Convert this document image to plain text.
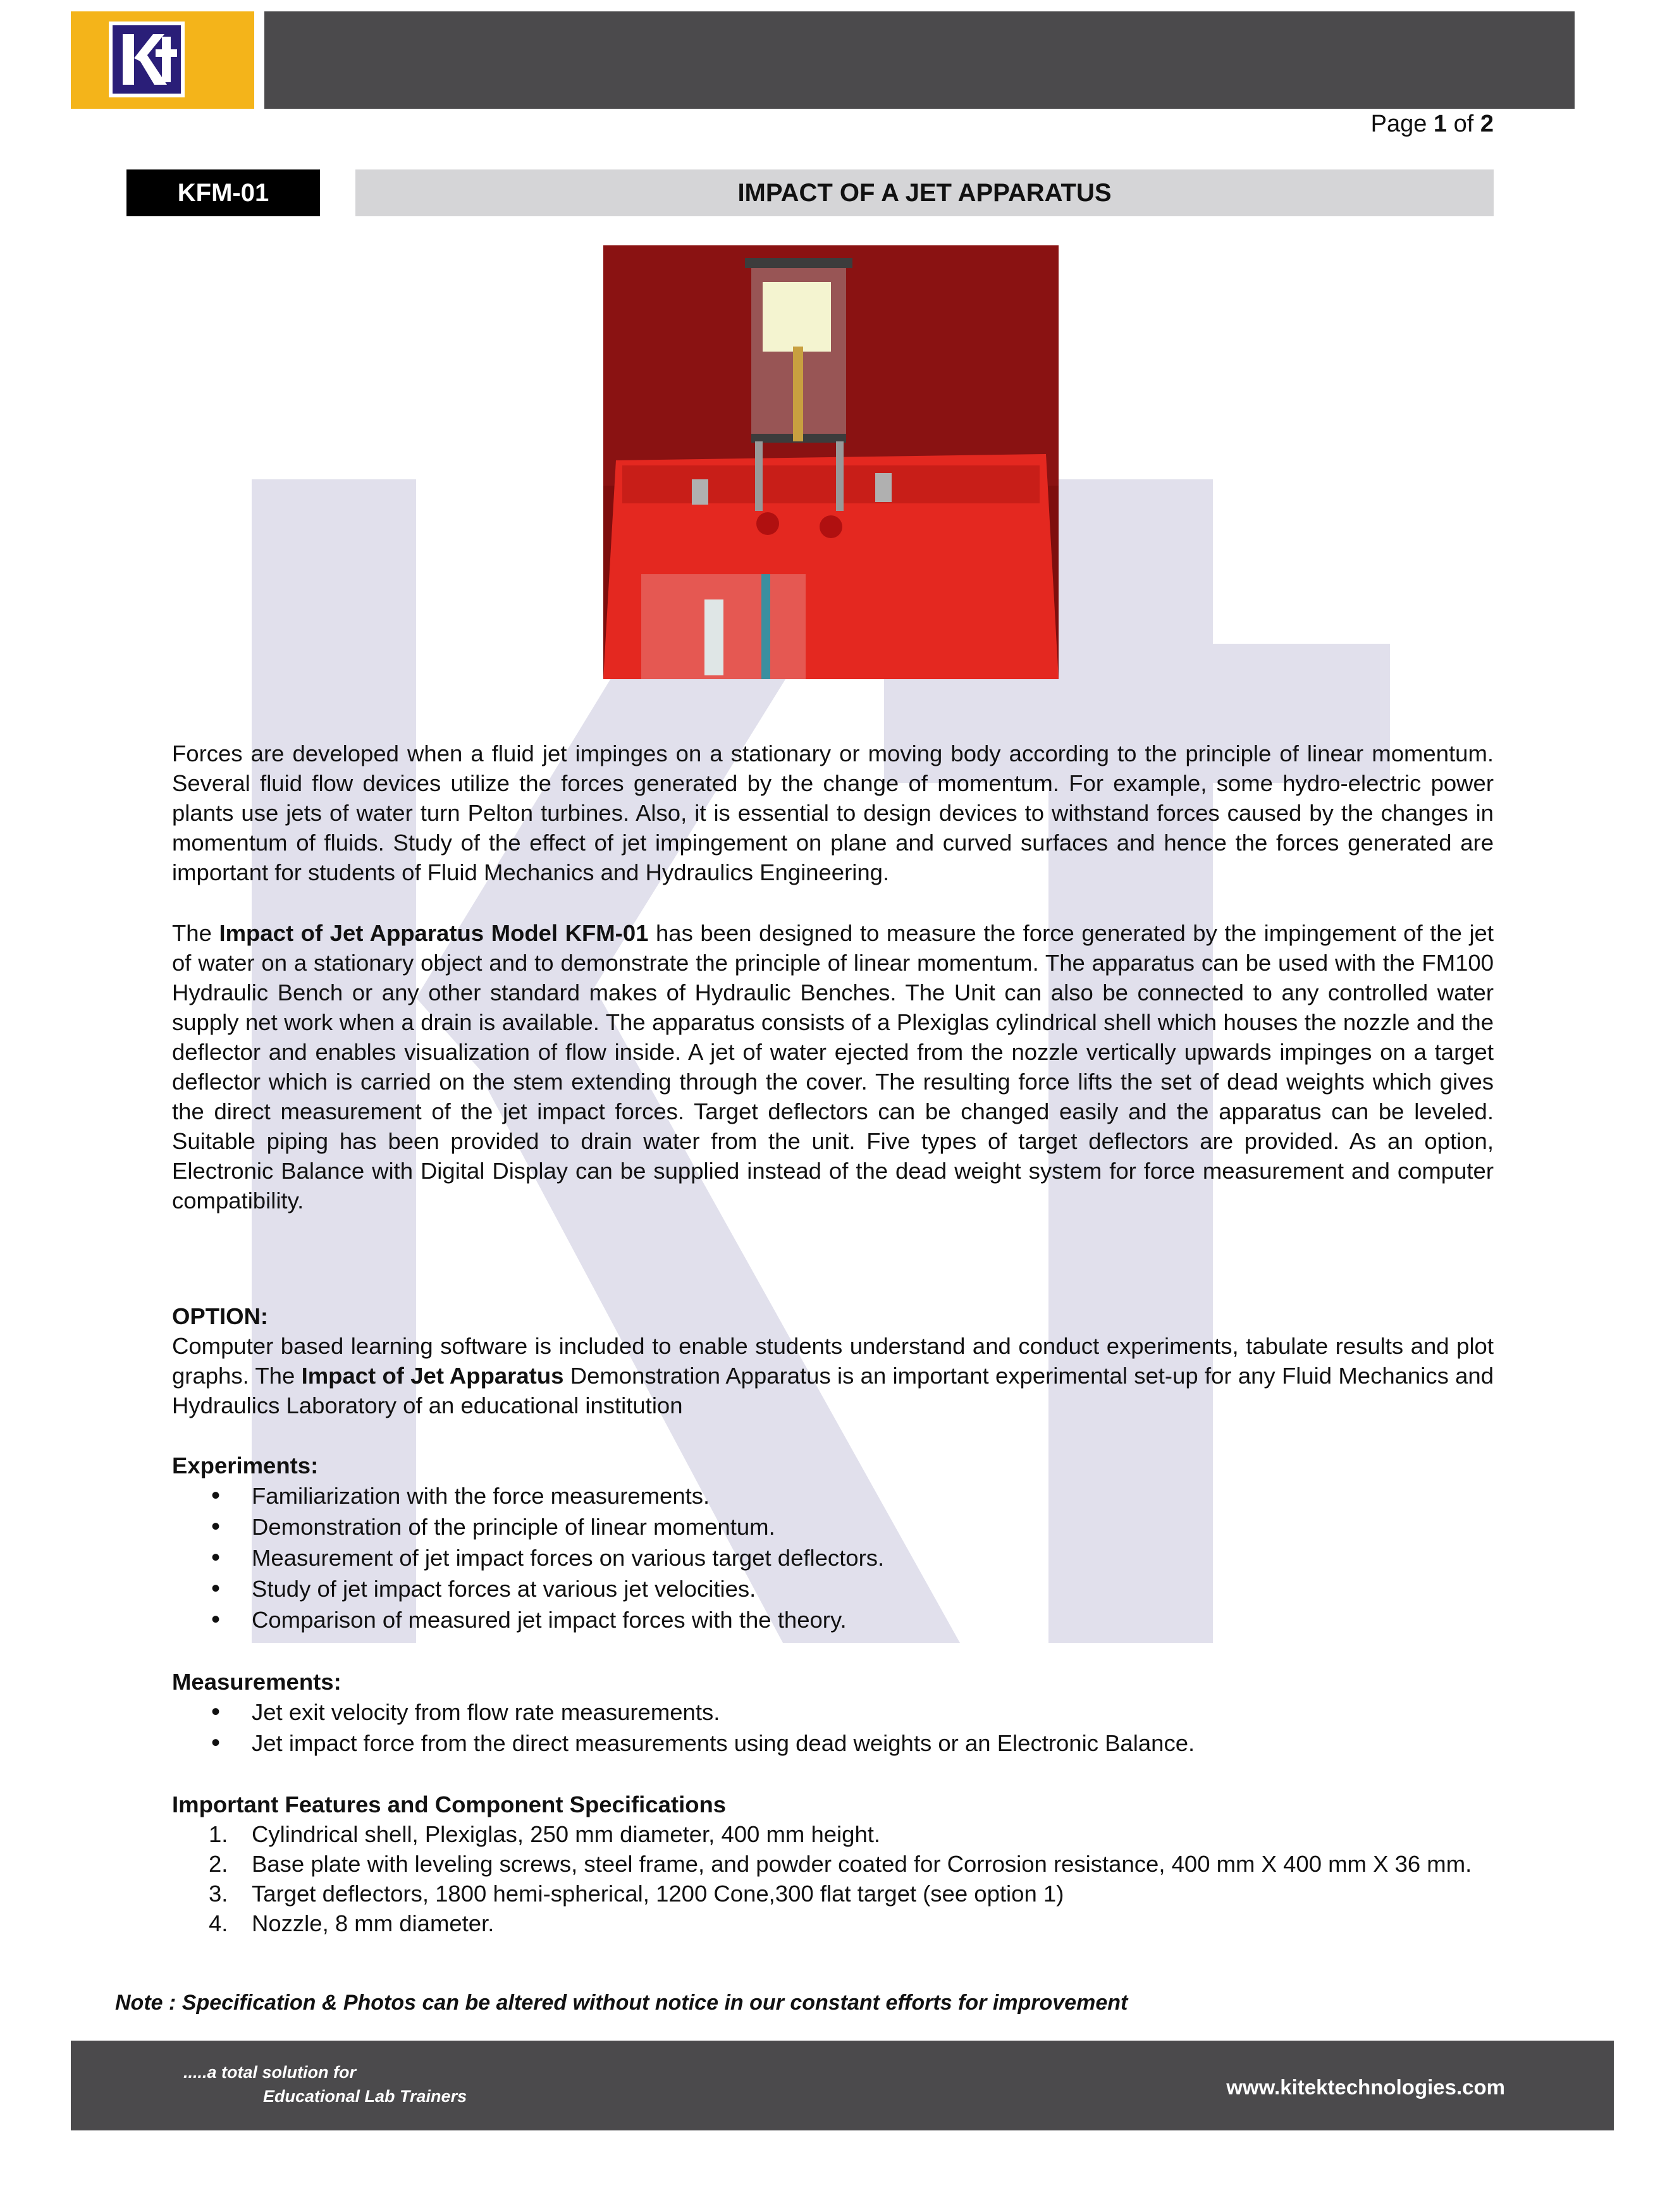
Page 1 of 2
KFM-01	IMPACT OF A JET APPARATUS
Forces are developed when a fluid jet impinges on a stationary or moving body according to the principle of linear momentum. Several fluid flow devices utilize the forces generated by the change of momentum. For example, some hydro-electric power plants use jets of water turn Pelton turbines. Also, it is essential to design devices to withstand forces caused by the changes in momentum of fluids. Study of the effect of jet impingement on plane and curved surfaces and hence the forces generated are important for students of Fluid Mechanics and Hydraulics Engineering.
The Impact of Jet Apparatus Model KFM-01 has been designed to measure the force generated by the impingement of the jet of water on a stationary object and to demonstrate the principle of linear momentum. The apparatus can be used with the FM100 Hydraulic Bench or any other standard makes of Hydraulic Benches. The Unit can also be connected to any controlled water supply net work when a drain is available. The apparatus consists of a Plexiglas cylindrical shell which houses the nozzle and the deflector and enables visualization of flow inside. A jet of water ejected from the nozzle vertically upwards impinges on a target deflector which is carried on the stem extending through the cover. The resulting force lifts the set of dead weights which gives the direct measurement of the jet impact forces. Target deflectors can be changed easily and the apparatus can be leveled. Suitable piping has been provided to drain water from the unit. Five types of target deflectors are provided. As an option, Electronic Balance with Digital Display can be supplied instead of the dead weight system for force measurement and computer compatibility.
OPTION:
Computer based learning software is included to enable students understand and conduct experiments, tabulate results and plot graphs. The Impact of Jet Apparatus Demonstration Apparatus is an important experimental set-up for any Fluid Mechanics and Hydraulics Laboratory of an educational institution
Experiments:
• Familiarization with the force measurements.
• Demonstration of the principle of linear momentum.
• Measurement of jet impact forces on various target deflectors.
• Study of jet impact forces at various jet velocities.
• Comparison of measured jet impact forces with the theory.
Measurements:
• Jet exit velocity from flow rate measurements.
• Jet impact force from the direct measurements using dead weights or an Electronic Balance.
Important Features and Component Specifications
1. Cylindrical shell, Plexiglas, 250 mm diameter, 400 mm height.
2. Base plate with leveling screws, steel frame, and powder coated for Corrosion resistance, 400 mm X 400 mm X 36 mm.
3. Target deflectors, 1800 hemi-spherical, 1200 Cone,300 flat target (see option 1)
4. Nozzle, 8 mm diameter.
Note : Specification & Photos can be altered without notice in our constant efforts for improvement
.....a total solution for
Educational Lab Trainers	www.kitektechnologies.com
